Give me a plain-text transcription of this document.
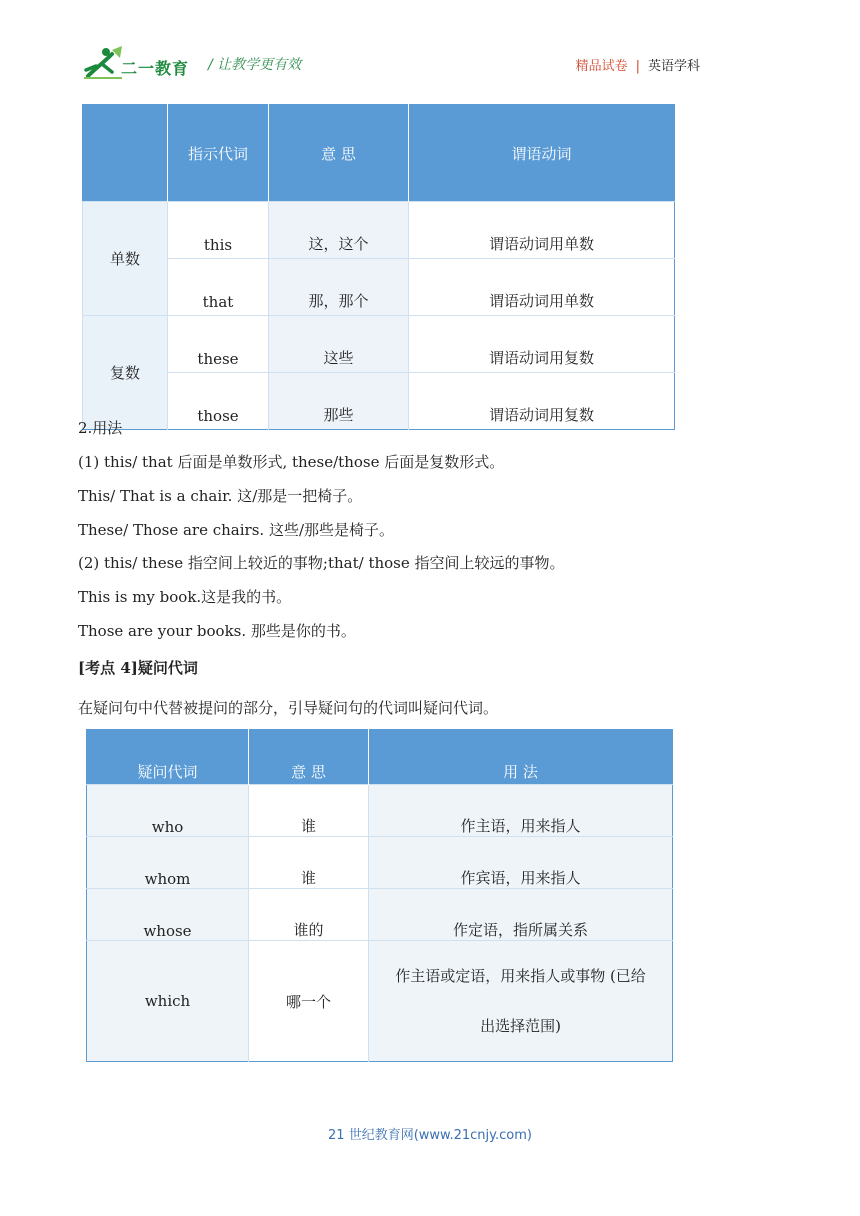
二一教育 / 让教学更有效	精品试卷 | 英语学科
	指示代词	意 思	谓语动词
单数	this	这，这个	谓语动词用单数
	that	那，那个	谓语动词用单数
复数	these	这些	谓语动词用复数
	those	那些	谓语动词用复数
2.用法
(1) this/ that 后面是单数形式, these/those 后面是复数形式。
This/ That is a chair. 这/那是一把椅子。
These/ Those are chairs. 这些/那些是椅子。
(2) this/ these 指空间上较近的事物;that/ those 指空间上较远的事物。
This is my book.这是我的书。
Those are your books. 那些是你的书。
[考点 4]疑问代词
在疑问句中代替被提问的部分，引导疑问句的代词叫疑问代词。
疑问代词	意 思	用 法
who	谁	作主语，用来指人
whom	谁	作宾语，用来指人
whose	谁的	作定语，指所属关系
which	哪一个	作主语或定语，用来指人或事物 (已给
出选择范围)
21 世纪教育网(www.21cnjy.com)
